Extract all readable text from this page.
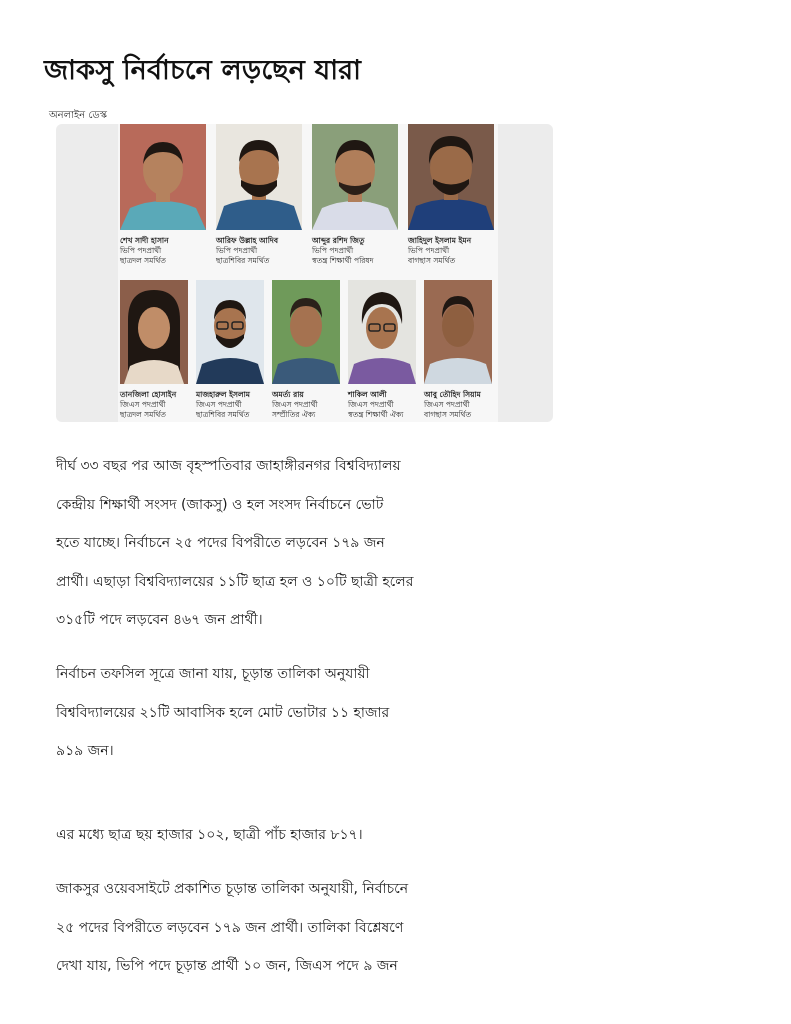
জাকসু নির্বাচনে লড়ছেন যারা
অনলাইন ডেস্ক
শেখ সাদী হাসান
ভিপি পদপ্রার্থী
ছাত্রদল সমর্থিত
আরিফ উল্লাহ আদিব
ভিপি পদপ্রার্থী
ছাত্রশিবির সমর্থিত
আব্দুর রশিদ জিতু
ভিপি পদপ্রার্থী
স্বতন্ত্র শিক্ষার্থী পরিষদ
জাহিদুল ইসলাম ইমন
ভিপি পদপ্রার্থী
বাগছাস সমর্থিত
তানজিলা হোসাইন
জিএস পদপ্রার্থী
ছাত্রদল সমর্থিত
মাজহারুল ইসলাম
জিএস পদপ্রার্থী
ছাত্রশিবির সমর্থিত
অমর্ত্য রায়
জিএস পদপ্রার্থী
সম্প্রীতির ঐক্য
শাকিল আলী
জিএস পদপ্রার্থী
স্বতন্ত্র শিক্ষার্থী ঐক্য
আবু তৌহিদ সিয়াম
জিএস পদপ্রার্থী
বাগছাস সমর্থিত

দীর্ঘ ৩৩ বছর পর আজ বৃহস্পতিবার জাহাঙ্গীরনগর বিশ্ববিদ্যালয়
কেন্দ্রীয় শিক্ষার্থী সংসদ (জাকসু) ও হল সংসদ নির্বাচনে ভোট
হতে যাচ্ছে। নির্বাচনে ২৫ পদের বিপরীতে লড়বেন ১৭৯ জন
প্রার্থী। এছাড়া বিশ্ববিদ্যালয়ের ১১টি ছাত্র হল ও ১০টি ছাত্রী হলের
৩১৫টি পদে লড়বেন ৪৬৭ জন প্রার্থী।

নির্বাচন তফসিল সূত্রে জানা যায়, চূড়ান্ত তালিকা অনুযায়ী
বিশ্ববিদ্যালয়ের ২১টি আবাসিক হলে মোট ভোটার ১১ হাজার
৯১৯ জন।

এর মধ্যে ছাত্র ছয় হাজার ১০২, ছাত্রী পাঁচ হাজার ৮১৭।

জাকসুর ওয়েবসাইটে প্রকাশিত চূড়ান্ত তালিকা অনুযায়ী, নির্বাচনে
২৫ পদের বিপরীতে লড়বেন ১৭৯ জন প্রার্থী। তালিকা বিশ্লেষণে
দেখা যায়, ভিপি পদে চূড়ান্ত প্রার্থী ১০ জন, জিএস পদে ৯ জন
